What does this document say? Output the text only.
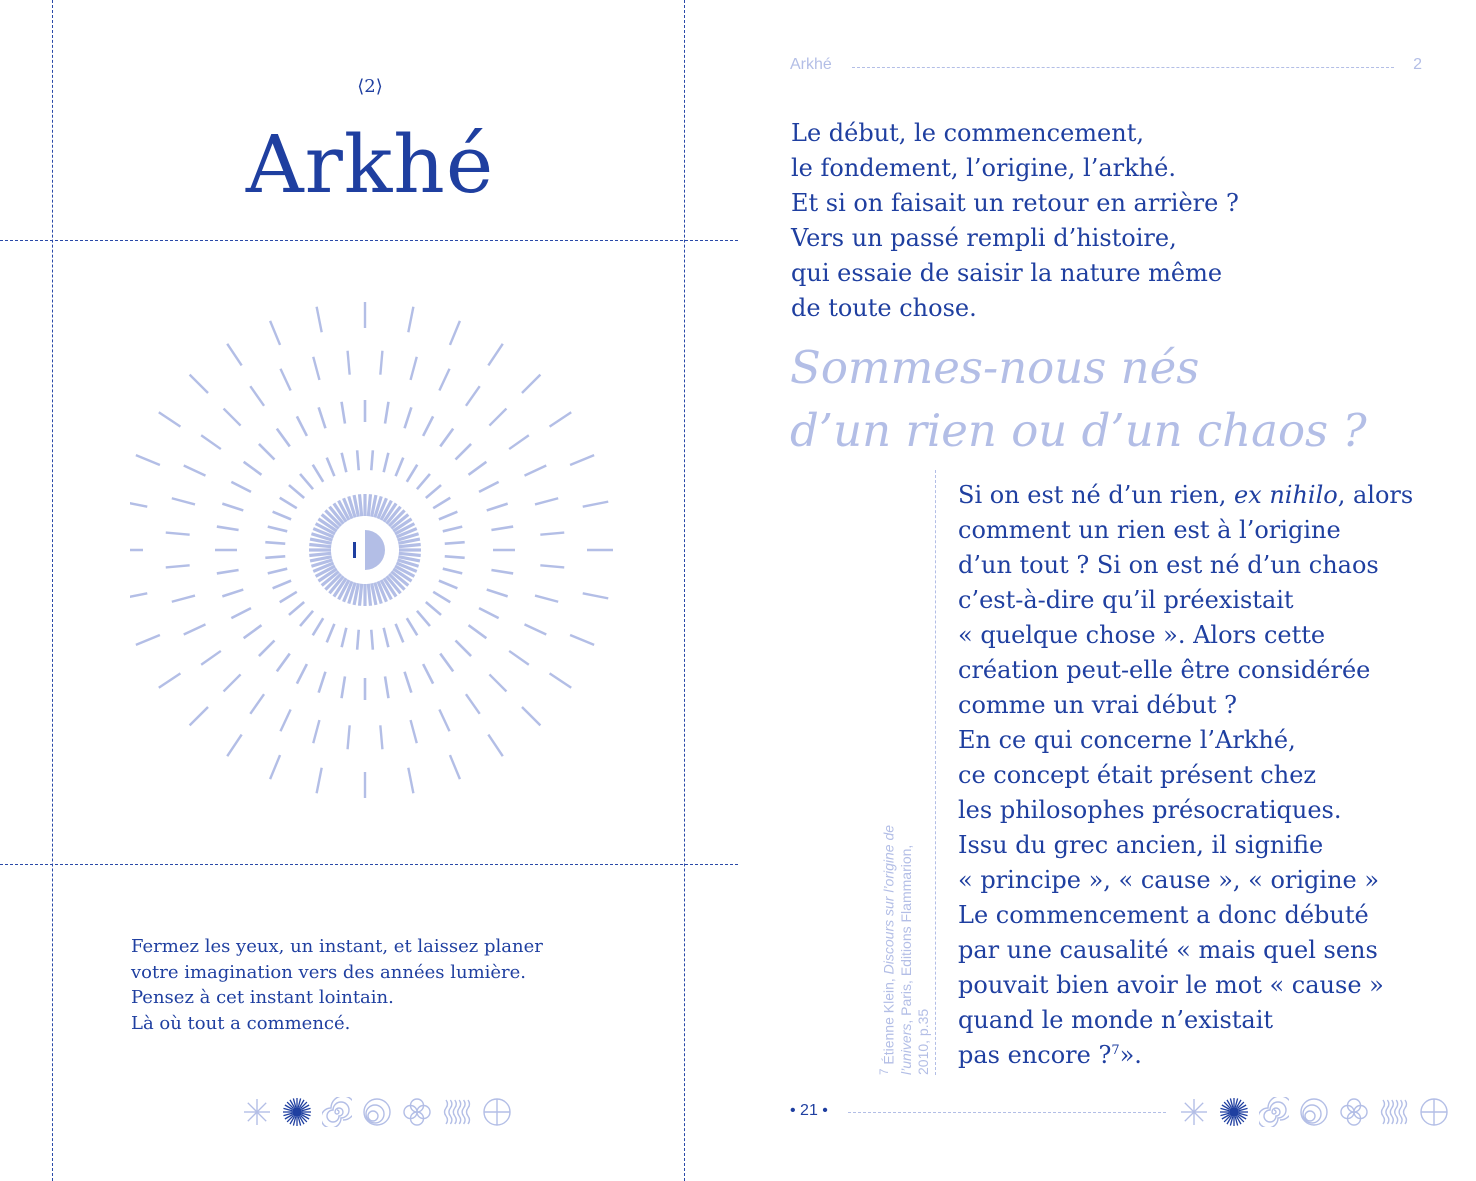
⟨2⟩
Arkhé
Fermez les yeux, un instant, et laissez planer
votre imagination vers des années lumière.
Pensez à cet instant lointain.
Là où tout a commencé.
Arkhé	2
Le début, le commencement,
le fondement, l’origine, l’arkhé.
Et si on faisait un retour en arrière ?
Vers un passé rempli d’histoire,
qui essaie de saisir la nature même
de toute chose.
Sommes-nous nés
d’un rien ou d’un chaos ?
$^7$ Étienne Klein, Discours sur l’origine de l’univers, Paris, Editions Flammarion, 2010, p.35
Si on est né d’un rien, ex nihilo, alors
comment un rien est à l’origine
d’un tout ? Si on est né d’un chaos
c’est-à-dire qu’il préexistait
« quelque chose ». Alors cette
création peut-elle être considérée
comme un vrai début ?
En ce qui concerne l’Arkhé,
ce concept était présent chez
les philosophes présocratiques.
Issu du grec ancien, il signifie
« principe », « cause », « origine »
Le commencement a donc débuté
par une causalité « mais quel sens
pouvait bien avoir le mot « cause »
quand le monde n’existait
pas encore ?$^7$».
• 21 •
